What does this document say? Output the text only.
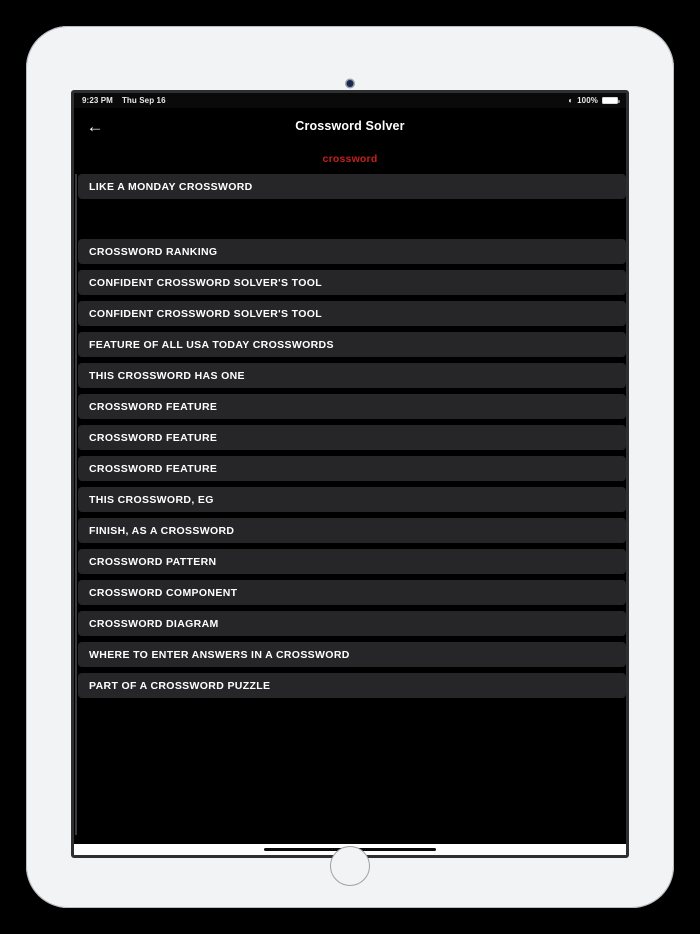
9:23 PM Thu Sep 16	◐ 100%
←	Crossword Solver
crossword
LIKE A MONDAY CROSSWORD
CROSSWORD RANKING
CONFIDENT CROSSWORD SOLVER'S TOOL
CONFIDENT CROSSWORD SOLVER'S TOOL
FEATURE OF ALL USA TODAY CROSSWORDS
THIS CROSSWORD HAS ONE
CROSSWORD FEATURE
CROSSWORD FEATURE
CROSSWORD FEATURE
THIS CROSSWORD, EG
FINISH, AS A CROSSWORD
CROSSWORD PATTERN
CROSSWORD COMPONENT
CROSSWORD DIAGRAM
WHERE TO ENTER ANSWERS IN A CROSSWORD
PART OF A CROSSWORD PUZZLE
